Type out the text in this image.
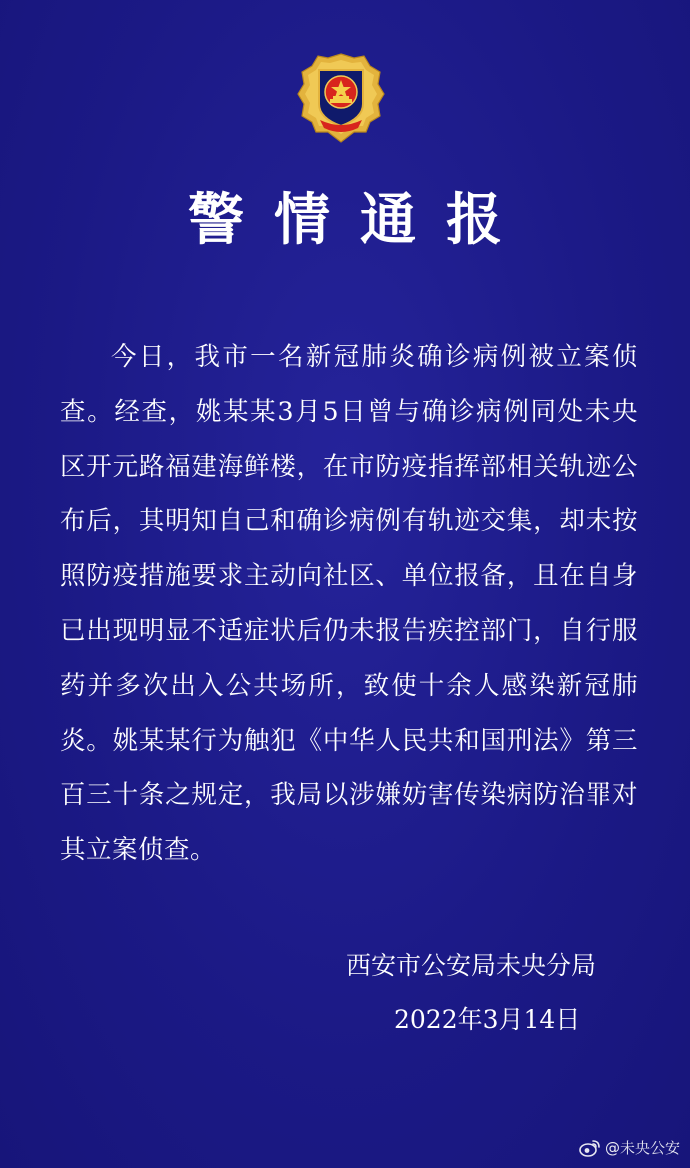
警情通报
今日，我市一名新冠肺炎确诊病例被立案侦查。经查，姚某某3月5日曾与确诊病例同处未央区开元路福建海鲜楼，在市防疫指挥部相关轨迹公布后，其明知自己和确诊病例有轨迹交集，却未按照防疫措施要求主动向社区、单位报备，且在自身已出现明显不适症状后仍未报告疾控部门，自行服药并多次出入公共场所，致使十余人感染新冠肺炎。姚某某行为触犯《中华人民共和国刑法》第三百三十条之规定，我局以涉嫌妨害传染病防治罪对其立案侦查。
西安市公安局未央分局
2022年3月14日
@未央公安
